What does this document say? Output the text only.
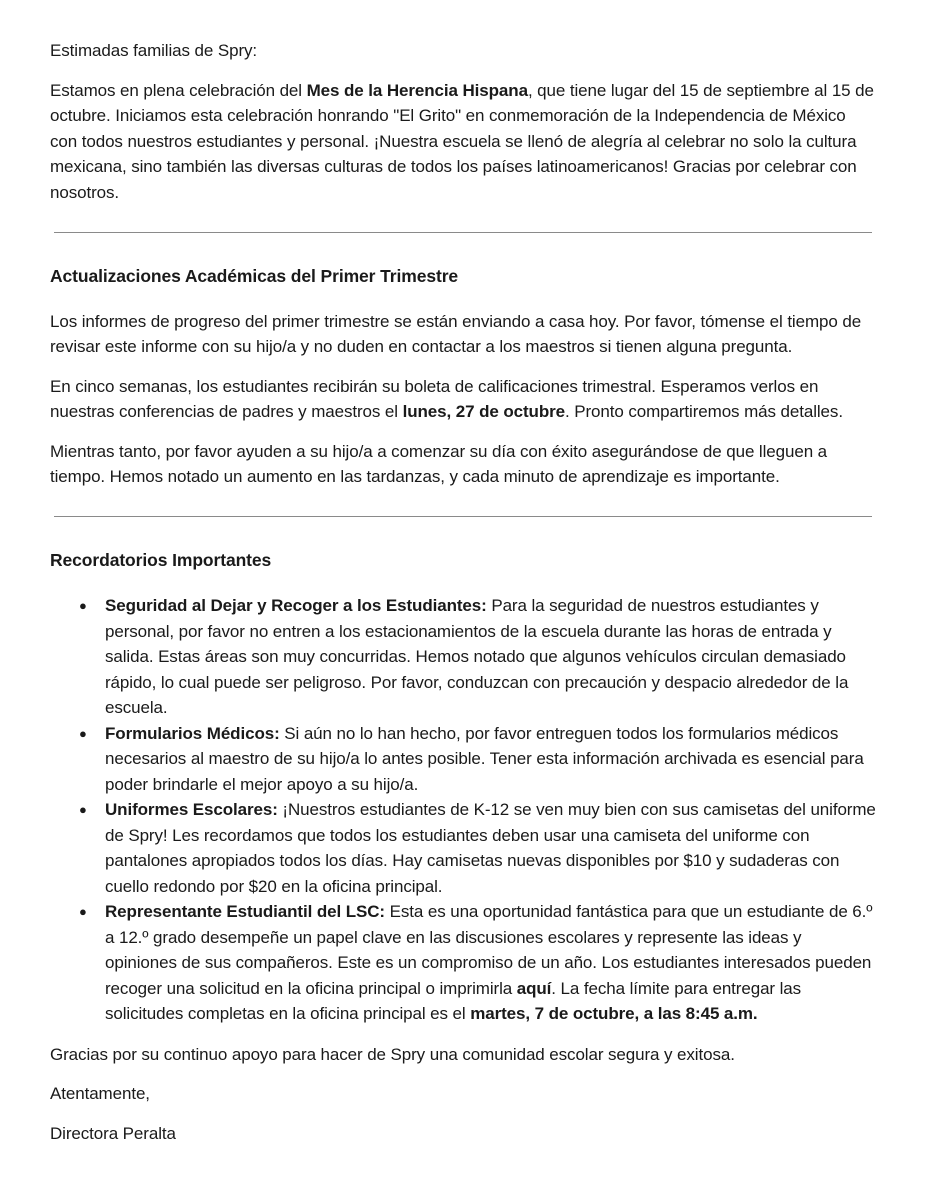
Estimadas familias de Spry:

Estamos en plena celebración del Mes de la Herencia Hispana, que tiene lugar del 15 de septiembre al 15 de octubre. Iniciamos esta celebración honrando "El Grito" en conmemoración de la Independencia de México con todos nuestros estudiantes y personal. ¡Nuestra escuela se llenó de alegría al celebrar no solo la cultura mexicana, sino también las diversas culturas de todos los países latinoamericanos! Gracias por celebrar con nosotros.

Actualizaciones Académicas del Primer Trimestre

Los informes de progreso del primer trimestre se están enviando a casa hoy. Por favor, tómense el tiempo de revisar este informe con su hijo/a y no duden en contactar a los maestros si tienen alguna pregunta.

En cinco semanas, los estudiantes recibirán su boleta de calificaciones trimestral. Esperamos verlos en nuestras conferencias de padres y maestros el lunes, 27 de octubre. Pronto compartiremos más detalles.

Mientras tanto, por favor ayuden a su hijo/a a comenzar su día con éxito asegurándose de que lleguen a tiempo. Hemos notado un aumento en las tardanzas, y cada minuto de aprendizaje es importante.

Recordatorios Importantes

● Seguridad al Dejar y Recoger a los Estudiantes: Para la seguridad de nuestros estudiantes y personal, por favor no entren a los estacionamientos de la escuela durante las horas de entrada y salida. Estas áreas son muy concurridas. Hemos notado que algunos vehículos circulan demasiado rápido, lo cual puede ser peligroso. Por favor, conduzcan con precaución y despacio alrededor de la escuela.
● Formularios Médicos: Si aún no lo han hecho, por favor entreguen todos los formularios médicos necesarios al maestro de su hijo/a lo antes posible. Tener esta información archivada es esencial para poder brindarle el mejor apoyo a su hijo/a.
● Uniformes Escolares: ¡Nuestros estudiantes de K-12 se ven muy bien con sus camisetas del uniforme de Spry! Les recordamos que todos los estudiantes deben usar una camiseta del uniforme con pantalones apropiados todos los días. Hay camisetas nuevas disponibles por $10 y sudaderas con cuello redondo por $20 en la oficina principal.
● Representante Estudiantil del LSC: Esta es una oportunidad fantástica para que un estudiante de 6.º a 12.º grado desempeñe un papel clave en las discusiones escolares y represente las ideas y opiniones de sus compañeros. Este es un compromiso de un año. Los estudiantes interesados pueden recoger una solicitud en la oficina principal o imprimirla aquí. La fecha límite para entregar las solicitudes completas en la oficina principal es el martes, 7 de octubre, a las 8:45 a.m.

Gracias por su continuo apoyo para hacer de Spry una comunidad escolar segura y exitosa.

Atentamente,

Directora Peralta
